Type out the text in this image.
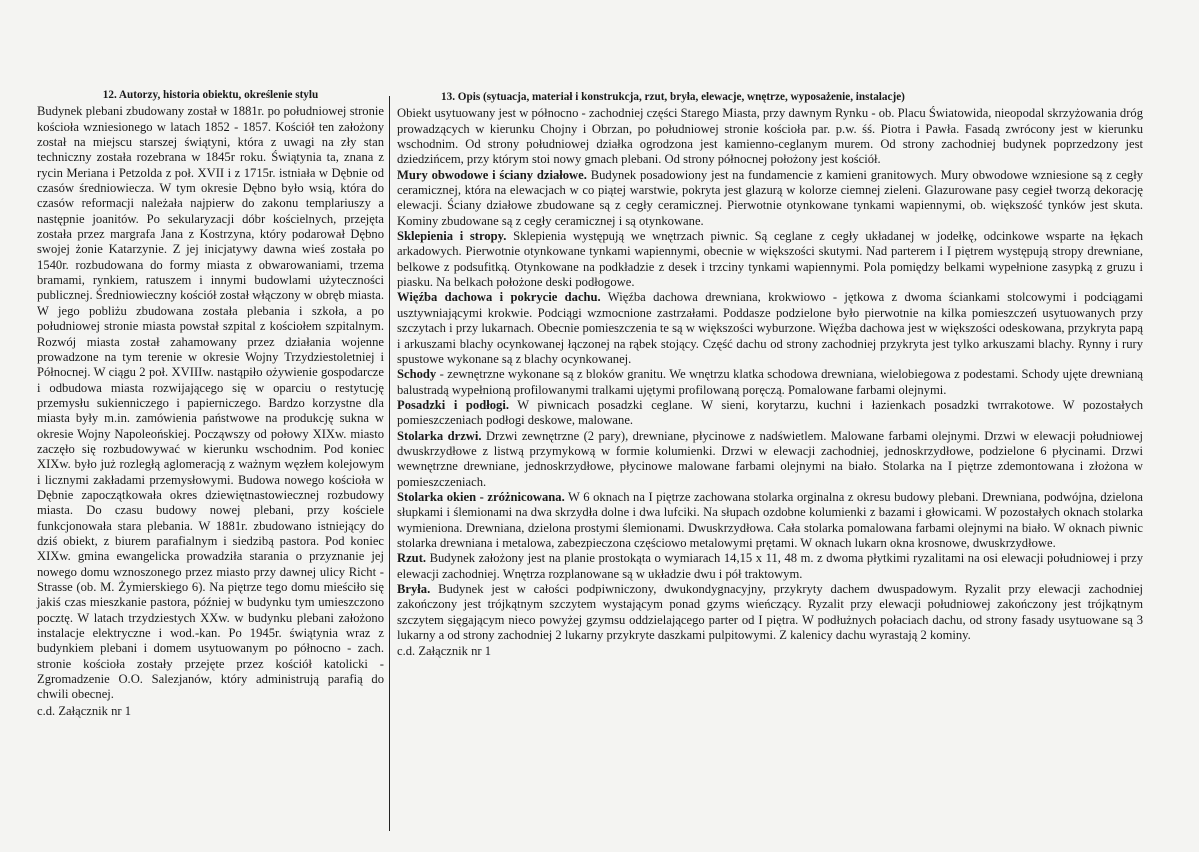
12. Autorzy, historia obiektu, określenie stylu

Budynek plebani zbudowany został w 1881r. po południowej stronie kościoła wzniesionego w latach 1852 - 1857. Kościół ten założony został na miejscu starszej świątyni, która z uwagi na zły stan techniczny została rozebrana w 1845r roku. Świątynia ta, znana z rycin Meriana i Petzolda z poł. XVII i z 1715r. istniała w Dębnie od czasów średniowiecza. W tym okresie Dębno było wsią, która do czasów reformacji należała najpierw do zakonu templariuszy a następnie joanitów. Po sekularyzacji dóbr kościelnych, przejęta została przez margrafa Jana z Kostrzyna, który podarował Dębno swojej żonie Katarzynie. Z jej inicjatywy dawna wieś została po 1540r. rozbudowana do formy miasta z obwarowaniami, trzema bramami, rynkiem, ratuszem i innymi budowlami użyteczności publicznej. Średniowieczny kościół został włączony w obręb miasta. W jego pobliżu zbudowana została plebania i szkoła, a po południowej stronie miasta powstał szpital z kościołem szpitalnym. Rozwój miasta został zahamowany przez działania wojenne prowadzone na tym terenie w okresie Wojny Trzydziestoletniej i Północnej. W ciągu 2 poł. XVIIIw. nastąpiło ożywienie gospodarcze i odbudowa miasta rozwijającego się w oparciu o restytucję przemysłu sukienniczego i papierniczego. Bardzo korzystne dla miasta były m.in. zamówienia państwowe na produkcję sukna w okresie Wojny Napoleońskiej. Począwszy od połowy XIXw. miasto zaczęło się rozbudowywać w kierunku wschodnim. Pod koniec XIXw. było już rozległą aglomeracją z ważnym węzłem kolejowym i licznymi zakładami przemysłowymi. Budowa nowego kościoła w Dębnie zapoczątkowała okres dziewiętnastowiecznej rozbudowy miasta. Do czasu budowy nowej plebani, przy kościele funkcjonowała stara plebania. W 1881r. zbudowano istniejący do dziś obiekt, z biurem parafialnym i siedzibą pastora. Pod koniec XIXw. gmina ewangelicka prowadziła starania o przyznanie jej nowego domu wznoszonego przez miasto przy dawnej ulicy Richt - Strasse (ob. M. Żymierskiego 6). Na piętrze tego domu mieściło się jakiś czas mieszkanie pastora, później w budynku tym umieszczono pocztę. W latach trzydziestych XXw. w budynku plebani założono instalacje elektryczne i wod.-kan. Po 1945r. świątynia wraz z budynkiem plebani i domem usytuowanym po północno - zach. stronie kościoła zostały przejęte przez kościół katolicki - Zgromadzenie O.O. Salezjanów, który administrują parafią do chwili obecnej.

c.d. Załącznik nr 1

13. Opis (sytuacja, materiał i konstrukcja, rzut, bryła, elewacje, wnętrze, wyposażenie, instalacje)

Obiekt usytuowany jest w północno - zachodniej części Starego Miasta, przy dawnym Rynku - ob. Placu Światowida, nieopodal skrzyżowania dróg prowadzących w kierunku Chojny i Obrzan, po południowej stronie kościoła par. p.w. śś. Piotra i Pawła. Fasadą zwrócony jest w kierunku wschodnim. Od strony południowej działka ogrodzona jest kamienno-ceglanym murem. Od strony zachodniej budynek poprzedzony jest dziedzińcem, przy którym stoi nowy gmach plebani. Od strony północnej położony jest kościół.

Mury obwodowe i ściany działowe. Budynek posadowiony jest na fundamencie z kamieni granitowych. Mury obwodowe wzniesione są z cegły ceramicznej, która na elewacjach w co piątej warstwie, pokryta jest glazurą w kolorze ciemnej zieleni. Glazurowane pasy cegieł tworzą dekorację elewacji. Ściany działowe zbudowane są z cegły ceramicznej. Pierwotnie otynkowane tynkami wapiennymi, ob. większość tynków jest skuta. Kominy zbudowane są z cegły ceramicznej i są otynkowane.

Sklepienia i stropy. Sklepienia występują we wnętrzach piwnic. Są ceglane z cegły układanej w jodełkę, odcinkowe wsparte na łękach arkadowych. Pierwotnie otynkowane tynkami wapiennymi, obecnie w większości skutymi. Nad parterem i I piętrem występują stropy drewniane, belkowe z podsufitką. Otynkowane na podkładzie z desek i trzciny tynkami wapiennymi. Pola pomiędzy belkami wypełnione zasypką z gruzu i piasku. Na belkach położone deski podłogowe.

Więźba dachowa i pokrycie dachu. Więźba dachowa drewniana, krokwiowo - jętkowa z dwoma ściankami stolcowymi i podciągami usztywniającymi krokwie. Podciągi wzmocnione zastrzałami. Poddasze podzielone było pierwotnie na kilka pomieszczeń usytuowanych przy szczytach i przy lukarnach. Obecnie pomieszczenia te są w większości wyburzone. Więźba dachowa jest w większości odeskowana, przykryta papą i arkuszami blachy ocynkowanej łączonej na rąbek stojący. Część dachu od strony zachodniej przykryta jest tylko arkuszami blachy. Rynny i rury spustowe wykonane są z blachy ocynkowanej.

Schody - zewnętrzne wykonane są z bloków granitu. We wnętrzu klatka schodowa drewniana, wielobiegowa z podestami. Schody ujęte drewnianą balustradą wypełnioną profilowanymi tralkami ujętymi profilowaną poręczą. Pomalowane farbami olejnymi.

Posadzki i podłogi. W piwnicach posadzki ceglane. W sieni, korytarzu, kuchni i łazienkach posadzki twrrakotowe. W pozostałych pomieszczeniach podłogi deskowe, malowane.

Stolarka drzwi. Drzwi zewnętrzne (2 pary), drewniane, płycinowe z nadświetlem. Malowane farbami olejnymi. Drzwi w elewacji południowej dwuskrzydłowe z listwą przymykową w formie kolumienki. Drzwi w elewacji zachodniej, jednoskrzydłowe, podzielone 6 płycinami. Drzwi wewnętrzne drewniane, jednoskrzydłowe, płycinowe malowane farbami olejnymi na biało. Stolarka na I piętrze zdemontowana i złożona w pomieszczeniach.

Stolarka okien - zróżnicowana. W 6 oknach na I piętrze zachowana stolarka orginalna z okresu budowy plebani. Drewniana, podwójna, dzielona słupkami i ślemionami na dwa skrzydła dolne i dwa lufciki. Na słupach ozdobne kolumienki z bazami i głowicami. W pozostałych oknach stolarka wymieniona. Drewniana, dzielona prostymi ślemionami. Dwuskrzydłowa. Cała stolarka pomalowana farbami olejnymi na biało. W oknach piwnic stolarka drewniana i metalowa, zabezpieczona częściowo metalowymi prętami. W oknach lukarn okna krosnowe, dwuskrzydłowe.

Rzut. Budynek założony jest na planie prostokąta o wymiarach 14,15 x 11, 48 m. z dwoma płytkimi ryzalitami na osi elewacji południowej i przy elewacji zachodniej. Wnętrza rozplanowane są w układzie dwu i pół traktowym.

Bryła. Budynek jest w całości podpiwniczony, dwukondygnacyjny, przykryty dachem dwuspadowym. Ryzalit przy elewacji zachodniej zakończony jest trójkątnym szczytem wystającym ponad gzyms wieńczący. Ryzalit przy elewacji południowej zakończony jest trójkątnym szczytem sięgającym nieco powyżej gzymsu oddzielającego parter od I piętra. W podłużnych połaciach dachu, od strony fasady usytuowane są 3 lukarny a od strony zachodniej 2 lukarny przykryte daszkami pulpitowymi. Z kalenicy dachu wyrastają 2 kominy.

c.d. Załącznik nr 1
